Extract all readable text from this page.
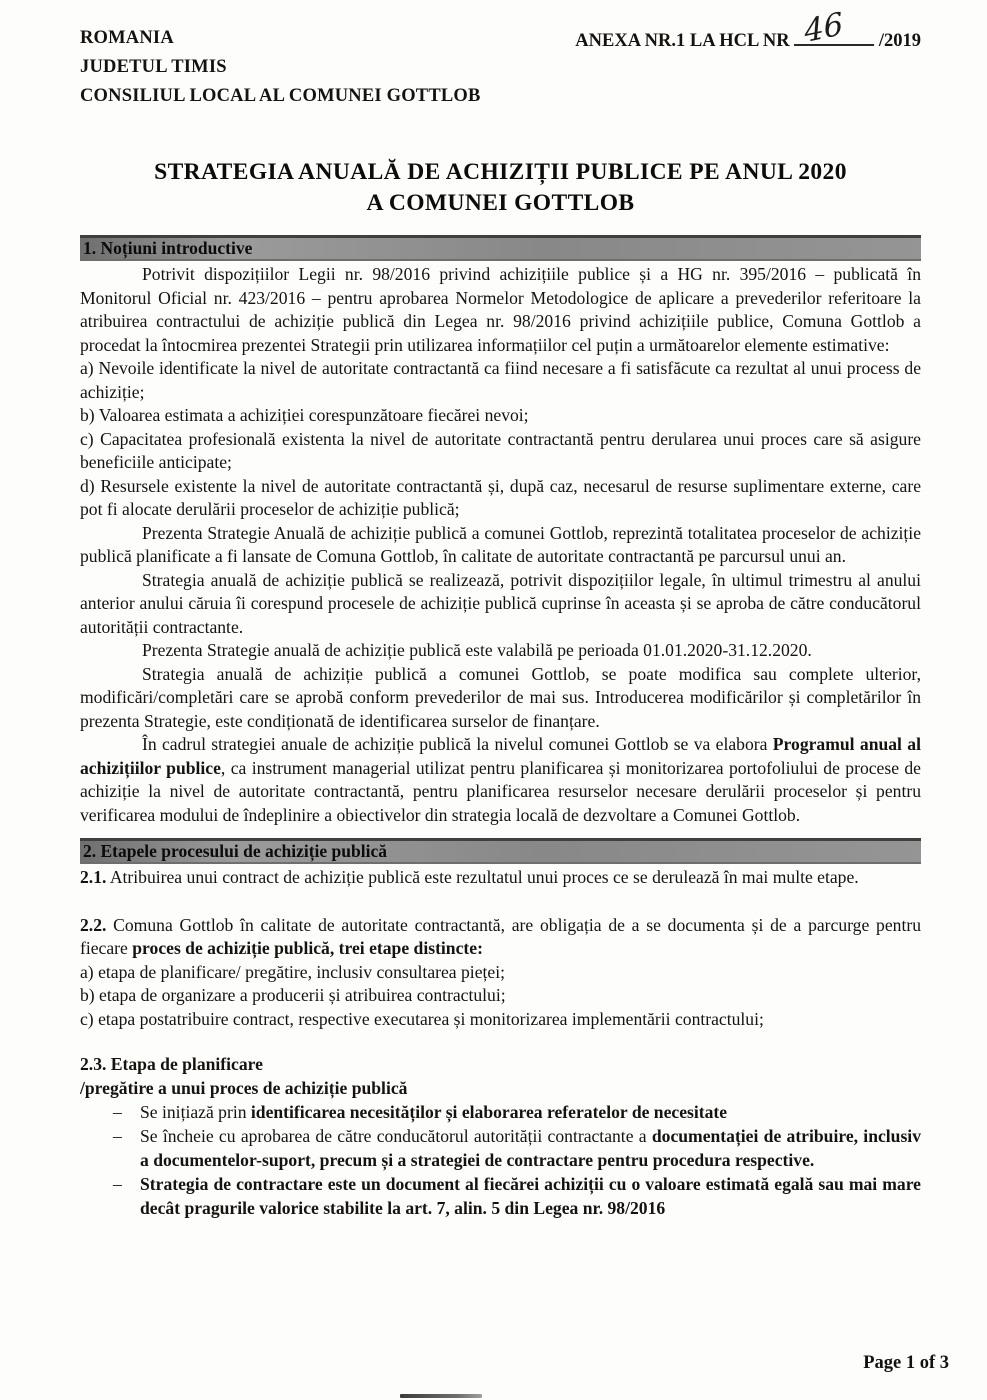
ROMANIA
JUDETUL TIMIS
CONSILIUL LOCAL AL COMUNEI GOTTLOB
ANEXA NR.1 LA HCL NR 46 /2019
STRATEGIA ANUALĂ DE ACHIZIȚII PUBLICE PE ANUL 2020
A COMUNEI GOTTLOB
1. Noțiuni introductive

Potrivit dispozițiilor Legii nr. 98/2016 privind achizițiile publice și a HG nr. 395/2016 – publicată în Monitorul Oficial nr. 423/2016 – pentru aprobarea Normelor Metodologice de aplicare a prevederilor referitoare la atribuirea contractului de achiziție publică din Legea nr. 98/2016 privind achizițiile publice, Comuna Gottlob a procedat la întocmirea prezentei Strategii prin utilizarea informațiilor cel puțin a următoarelor elemente estimative:

a) Nevoile identificate la nivel de autoritate contractantă ca fiind necesare a fi satisfăcute ca rezultat al unui process de achiziție;

b) Valoarea estimata a achiziției corespunzătoare fiecărei nevoi;

c) Capacitatea profesională existenta la nivel de autoritate contractantă pentru derularea unui proces care să asigure beneficiile anticipate;

d) Resursele existente la nivel de autoritate contractantă și, după caz, necesarul de resurse suplimentare externe, care pot fi alocate derulării proceselor de achiziție publică;

Prezenta Strategie Anuală de achiziție publică a comunei Gottlob, reprezintă totalitatea proceselor de achiziție publică planificate a fi lansate de Comuna Gottlob, în calitate de autoritate contractantă pe parcursul unui an.

Strategia anuală de achiziție publică se realizează, potrivit dispozițiilor legale, în ultimul trimestru al anului anterior anului căruia îi corespund procesele de achiziție publică cuprinse în aceasta și se aproba de către conducătorul autorității contractante.

Prezenta Strategie anuală de achiziție publică este valabilă pe perioada 01.01.2020-31.12.2020.

Strategia anuală de achiziție publică a comunei Gottlob, se poate modifica sau complete ulterior, modificări/completări care se aprobă conform prevederilor de mai sus. Introducerea modificărilor și completărilor în prezenta Strategie, este condiționată de identificarea surselor de finanțare.

În cadrul strategiei anuale de achiziție publică la nivelul comunei Gottlob se va elabora Programul anual al achizițiilor publice, ca instrument managerial utilizat pentru planificarea și monitorizarea portofoliului de procese de achiziție la nivel de autoritate contractantă, pentru planificarea resurselor necesare derulării proceselor și pentru verificarea modului de îndeplinire a obiectivelor din strategia locală de dezvoltare a Comunei Gottlob.

2. Etapele procesului de achiziție publică

2.1. Atribuirea unui contract de achiziție publică este rezultatul unui proces ce se derulează în mai multe etape.

2.2. Comuna Gottlob în calitate de autoritate contractantă, are obligația de a se documenta și de a parcurge pentru fiecare proces de achiziție publică, trei etape distincte:

a) etapa de planificare/ pregătire, inclusiv consultarea pieței;

b) etapa de organizare a producerii și atribuirea contractului;

c) etapa postatribuire contract, respective executarea și monitorizarea implementării contractului;

2.3. Etapa de planificare

/pregătire a unui proces de achiziție publică

– Se inițiază prin identificarea necesităților și elaborarea referatelor de necesitate
– Se încheie cu aprobarea de către conducătorul autorității contractante a documentației de atribuire, inclusiv a documentelor-suport, precum și a strategiei de contractare pentru procedura respective.
– Strategia de contractare este un document al fiecărei achiziții cu o valoare estimată egală sau mai mare decât pragurile valorice stabilite la art. 7, alin. 5 din Legea nr. 98/2016
Page 1 of 3
